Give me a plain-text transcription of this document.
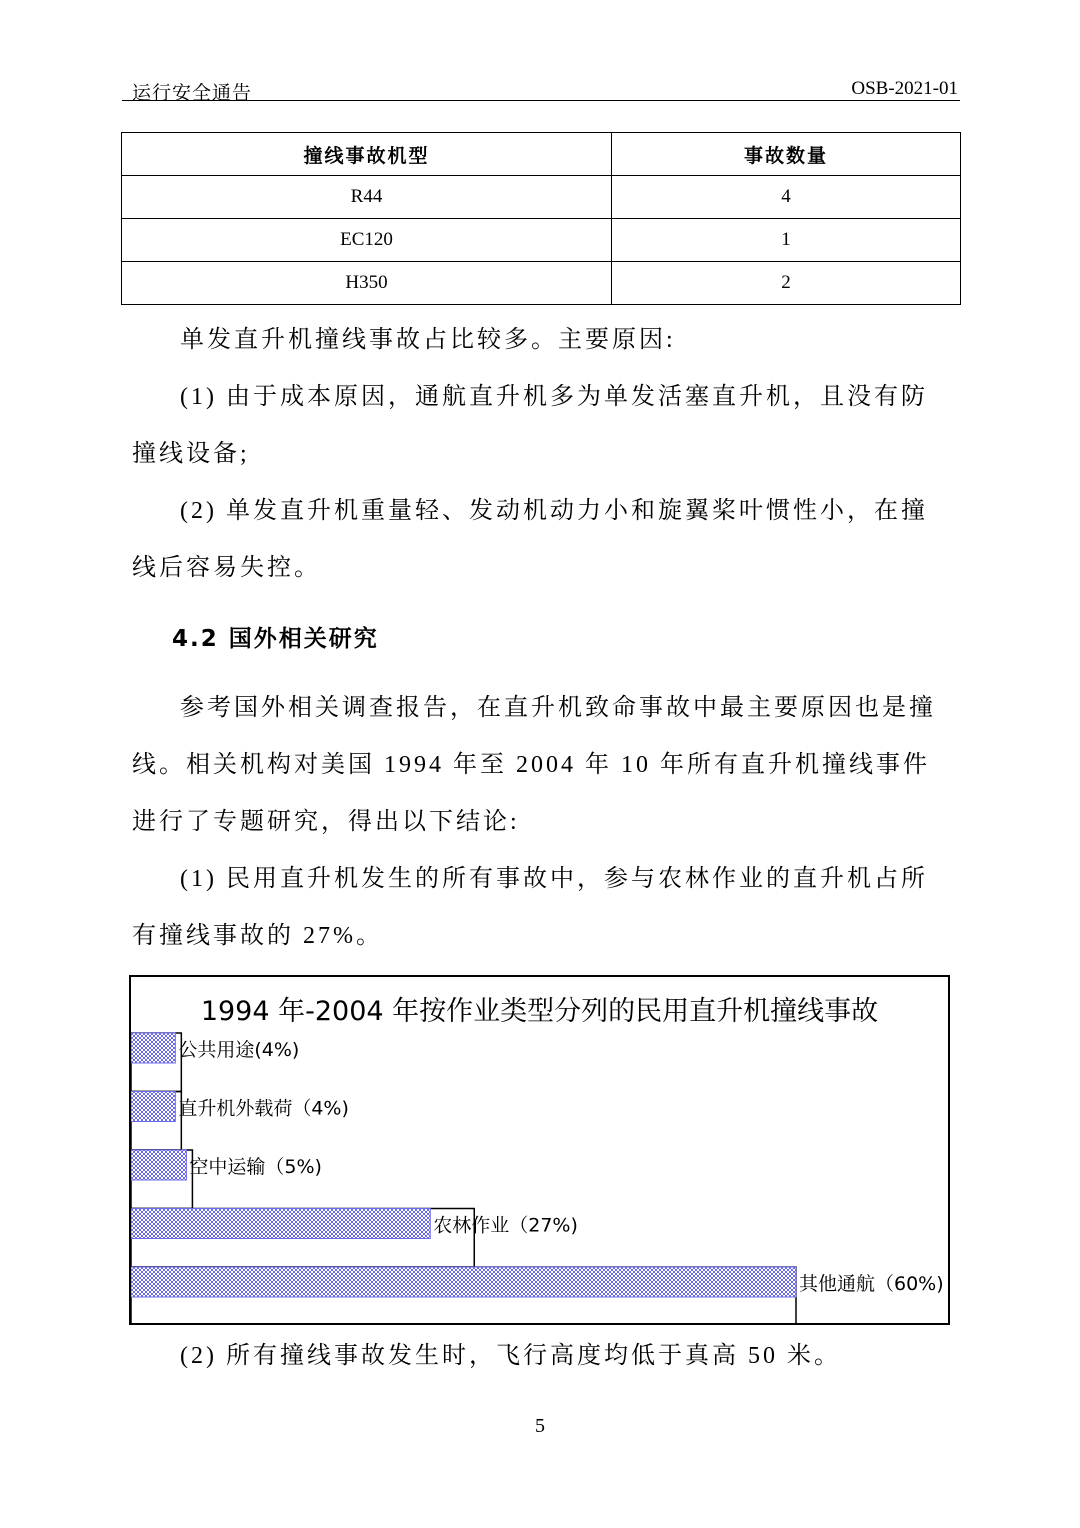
运行安全通告	OSB-2021-01
撞线事故机型	事故数量
R44	4
EC120	1
H350	2

单发直升机撞线事故占比较多。主要原因:

(1) 由于成本原因，通航直升机多为单发活塞直升机，且没有防撞线设备;

(2) 单发直升机重量轻、发动机动力小和旋翼桨叶惯性小，在撞线后容易失控。

4.2 国外相关研究

参考国外相关调查报告，在直升机致命事故中最主要原因也是撞线。相关机构对美国 1994 年至 2004 年 10 年所有直升机撞线事件进行了专题研究，得出以下结论:

(1) 民用直升机发生的所有事故中，参与农林作业的直升机占所有撞线事故的 27%。

公共用途(4%)
直升机外载荷（4%)
空中运输（5%)
农林作业（27%)
其他通航（60%)
1994 年-2004 年按作业类型分列的民用直升机撞线事故

(2) 所有撞线事故发生时，飞行高度均低于真高 50 米。

5
